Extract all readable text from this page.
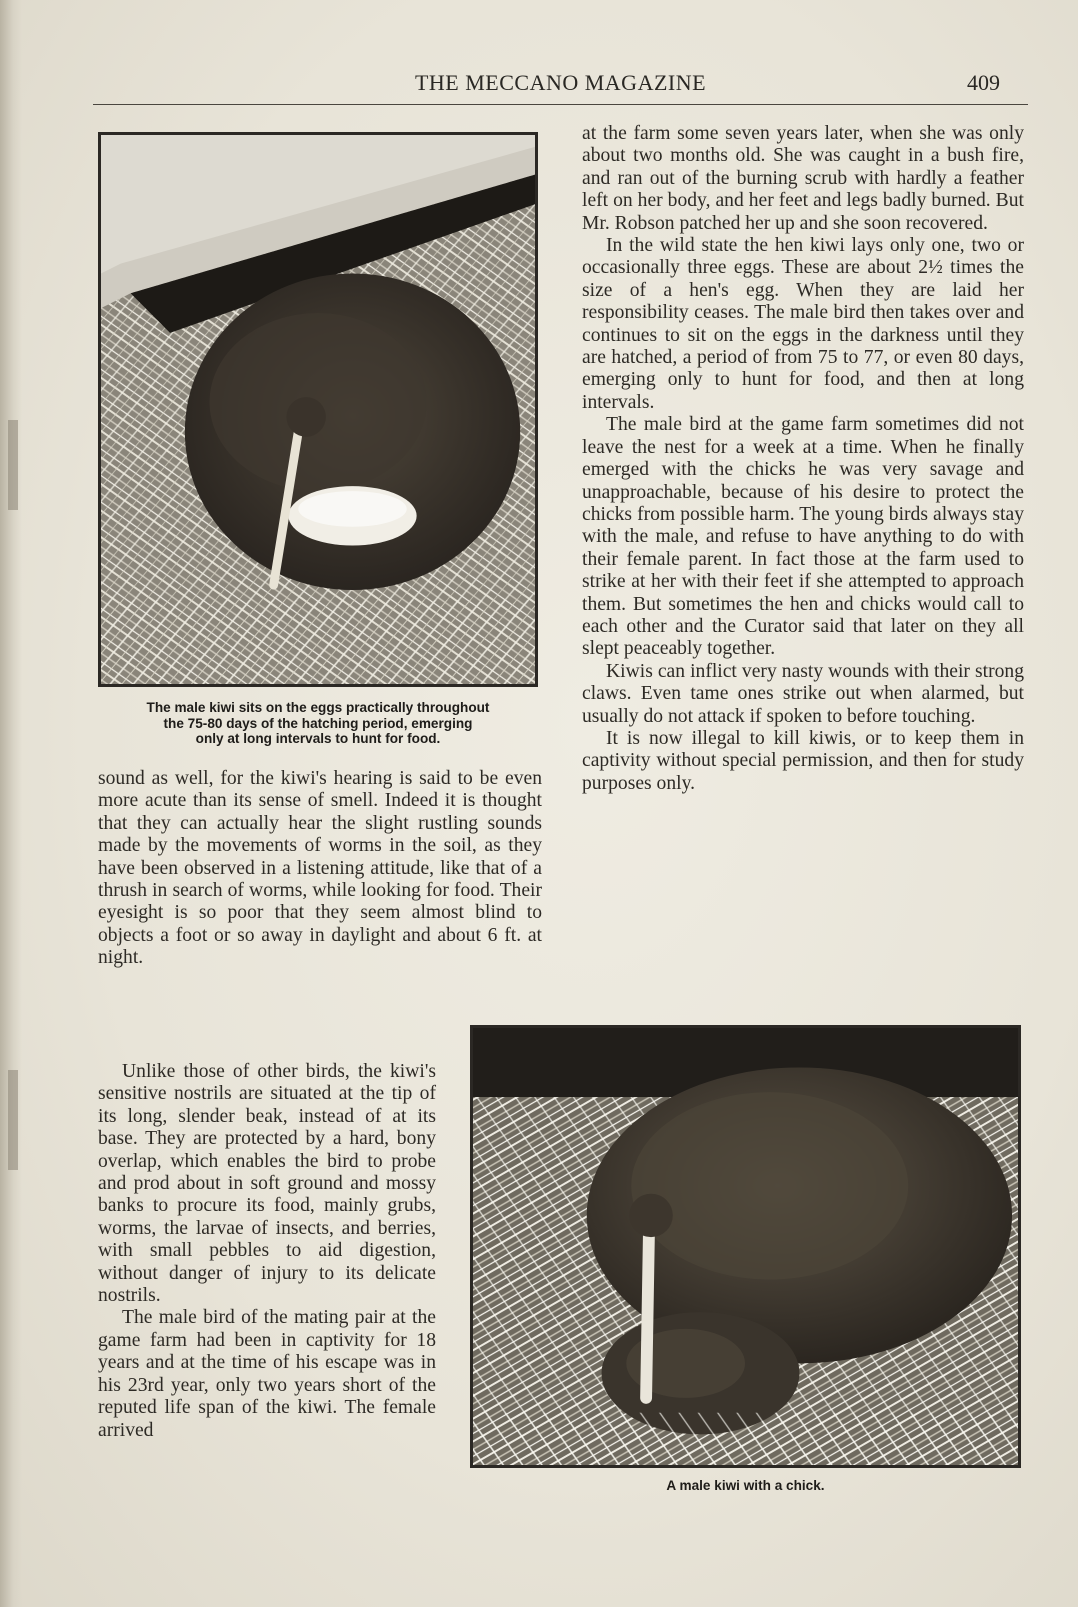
THE MECCANO MAGAZINE	409
The male kiwi sits on the eggs practically throughout
the 75-80 days of the hatching period, emerging
only at long intervals to hunt for food.

sound as well, for the kiwi's hearing is said to be even more acute than its sense of smell. Indeed it is thought that they can actually hear the slight rustling sounds made by the movements of worms in the soil, as they have been observed in a listening attitude, like that of a thrush in search of worms, while looking for food. Their eyesight is so poor that they seem almost blind to objects a foot or so away in daylight and about 6 ft. at night.

Unlike those of other birds, the kiwi's sensitive nostrils are situated at the tip of its long, slender beak, instead of at its base. They are protected by a hard, bony overlap, which enables the bird to probe and prod about in soft ground and mossy banks to procure its food, mainly grubs, worms, the larvae of insects, and berries, with small pebbles to aid digestion, without danger of injury to its delicate nostrils.

The male bird of the mating pair at the game farm had been in captivity for 18 years and at the time of his escape was in his 23rd year, only two years short of the reputed life span of the kiwi. The female arrived

at the farm some seven years later, when she was only about two months old. She was caught in a bush fire, and ran out of the burning scrub with hardly a feather left on her body, and her feet and legs badly burned. But Mr. Robson patched her up and she soon recovered.

In the wild state the hen kiwi lays only one, two or occasionally three eggs. These are about 2½ times the size of a hen's egg. When they are laid her responsibility ceases. The male bird then takes over and continues to sit on the eggs in the darkness until they are hatched, a period of from 75 to 77, or even 80 days, emerging only to hunt for food, and then at long intervals.

The male bird at the game farm sometimes did not leave the nest for a week at a time. When he finally emerged with the chicks he was very savage and unapproachable, because of his desire to protect the chicks from possible harm. The young birds always stay with the male, and refuse to have anything to do with their female parent. In fact those at the farm used to strike at her with their feet if she attempted to approach them. But sometimes the hen and chicks would call to each other and the Curator said that later on they all slept peaceably together.

Kiwis can inflict very nasty wounds with their strong claws. Even tame ones strike out when alarmed, but usually do not attack if spoken to before touching.

It is now illegal to kill kiwis, or to keep them in captivity without special permission, and then for study purposes only.

A male kiwi with a chick.
